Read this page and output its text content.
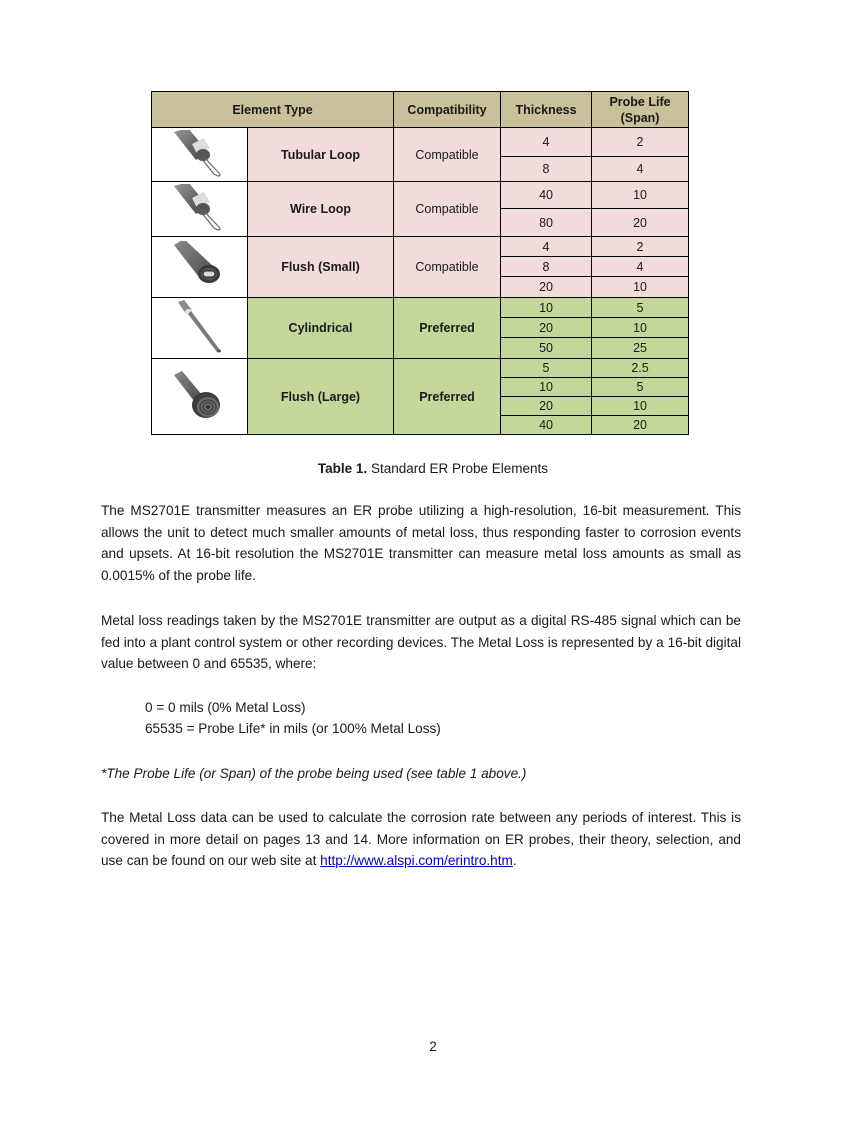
Element Type		Compatibility	Thickness	Probe Life
(Span)

	Tubular Loop	Compatible	4	2
			8	4

	Wire Loop	Compatible	40	10
			80	20

	Flush (Small)	Compatible	4	2
			8	4
			20	10

	Cylindrical	Preferred	10	5
			20	10
			50	25

	Flush (Large)	Preferred	5	2.5
			10	5
			20	10
			40	20
Table 1. Standard ER Probe Elements

The MS2701E transmitter measures an ER probe utilizing a high-resolution, 16-bit measurement. This allows the unit to detect much smaller amounts of metal loss, thus responding faster to corrosion events and upsets. At 16-bit resolution the MS2701E transmitter can measure metal loss amounts as small as 0.0015% of the probe life.

Metal loss readings taken by the MS2701E transmitter are output as a digital RS-485 signal which can be fed into a plant control system or other recording devices. The Metal Loss is represented by a 16-bit digital value between 0 and 65535, where:

0 = 0 mils (0% Metal Loss)

65535 = Probe Life* in mils (or 100% Metal Loss)

*The Probe Life (or Span) of the probe being used (see table 1 above.)

The Metal Loss data can be used to calculate the corrosion rate between any periods of interest. This is covered in more detail on pages 13 and 14. More information on ER probes, their theory, selection, and use can be found on our web site at http://www.alspi.com/erintro.htm.

2
